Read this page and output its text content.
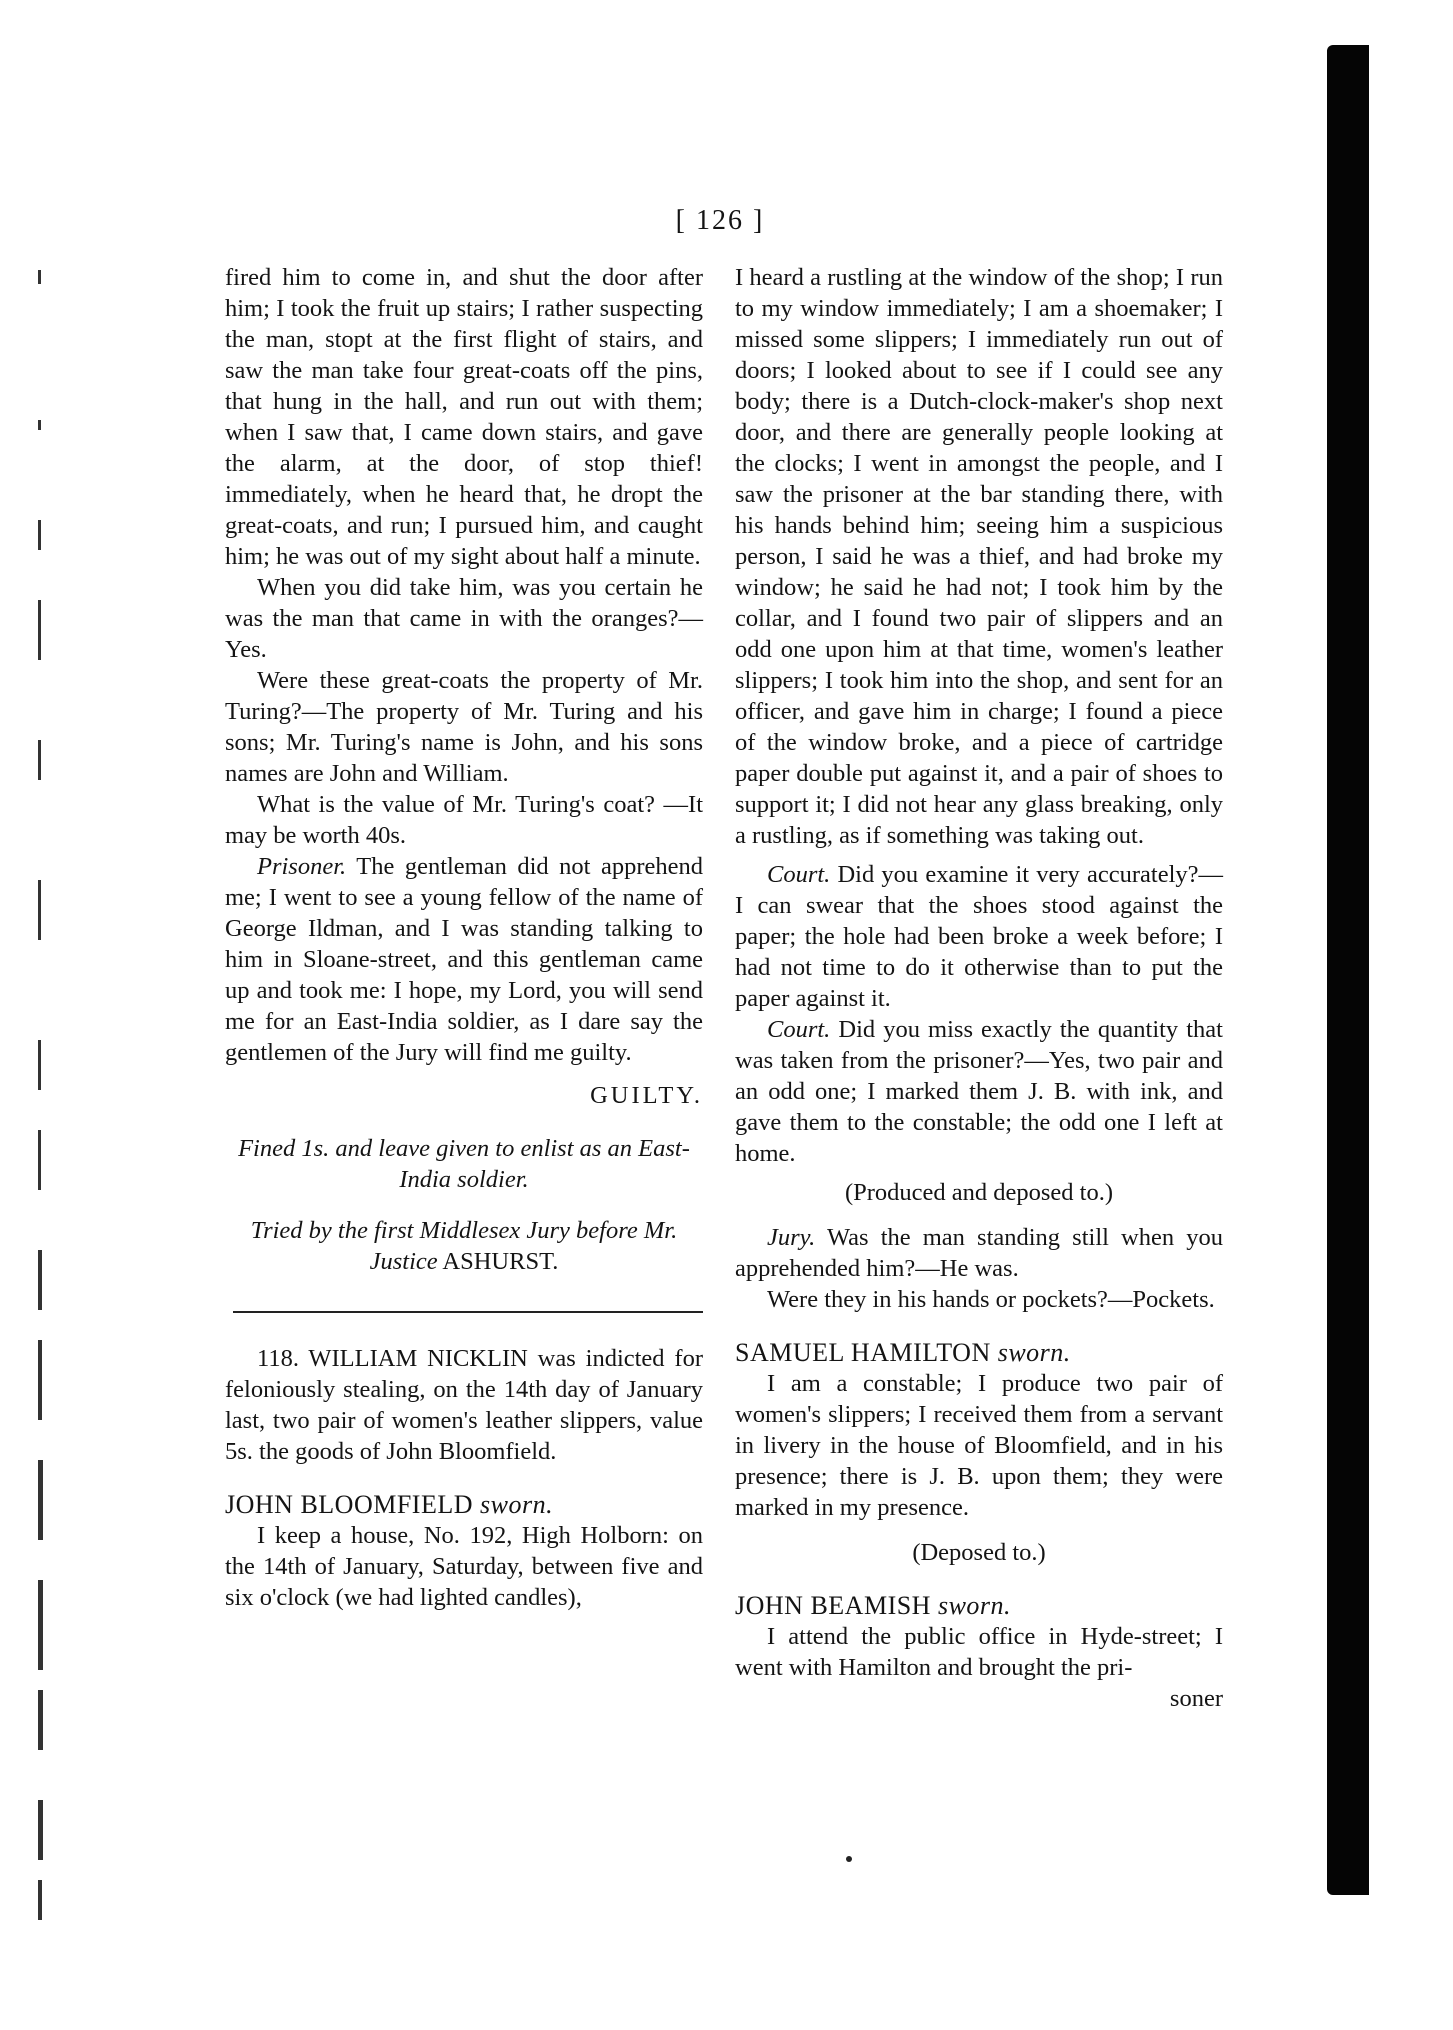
[ 126 ]

fired him to come in, and shut the door after him; I took the fruit up stairs; I rather suspecting the man, stopt at the first flight of stairs, and saw the man take four great-coats off the pins, that hung in the hall, and run out with them; when I saw that, I came down stairs, and gave the alarm, at the door, of stop thief! immediately, when he heard that, he dropt the great-coats, and run; I pursued him, and caught him; he was out of my sight about half a minute.

When you did take him, was you certain he was the man that came in with the oranges?—Yes.

Were these great-coats the property of Mr. Turing?—The property of Mr. Turing and his sons; Mr. Turing's name is John, and his sons names are John and William.

What is the value of Mr. Turing's coat? —It may be worth 40s.

Prisoner. The gentleman did not apprehend me; I went to see a young fellow of the name of George Ildman, and I was standing talking to him in Sloane-street, and this gentleman came up and took me: I hope, my Lord, you will send me for an East-India soldier, as I dare say the gentlemen of the Jury will find me guilty.

GUILTY.

Fined 1s. and leave given to enlist as an East-India soldier.

Tried by the first Middlesex Jury before Mr. Justice ASHURST.

118. WILLIAM NICKLIN was indicted for feloniously stealing, on the 14th day of January last, two pair of women's leather slippers, value 5s. the goods of John Bloomfield.

JOHN BLOOMFIELD sworn.

I keep a house, No. 192, High Holborn: on the 14th of January, Saturday, between five and six o'clock (we had lighted candles),

I heard a rustling at the window of the shop; I run to my window immediately; I am a shoemaker; I missed some slippers; I immediately run out of doors; I looked about to see if I could see any body; there is a Dutch-clock-maker's shop next door, and there are generally people looking at the clocks; I went in amongst the people, and I saw the prisoner at the bar standing there, with his hands behind him; seeing him a suspicious person, I said he was a thief, and had broke my window; he said he had not; I took him by the collar, and I found two pair of slippers and an odd one upon him at that time, women's leather slippers; I took him into the shop, and sent for an officer, and gave him in charge; I found a piece of the window broke, and a piece of cartridge paper double put against it, and a pair of shoes to support it; I did not hear any glass breaking, only a rustling, as if something was taking out.

Court. Did you examine it very accurately?—I can swear that the shoes stood against the paper; the hole had been broke a week before; I had not time to do it otherwise than to put the paper against it.

Court. Did you miss exactly the quantity that was taken from the prisoner?—Yes, two pair and an odd one; I marked them J. B. with ink, and gave them to the constable; the odd one I left at home.

(Produced and deposed to.)

Jury. Was the man standing still when you apprehended him?—He was.

Were they in his hands or pockets?—Pockets.

SAMUEL HAMILTON sworn.

I am a constable; I produce two pair of women's slippers; I received them from a servant in livery in the house of Bloomfield, and in his presence; there is J. B. upon them; they were marked in my presence.

(Deposed to.)

JOHN BEAMISH sworn.

I attend the public office in Hyde-street; I went with Hamilton and brought the pri-

soner
